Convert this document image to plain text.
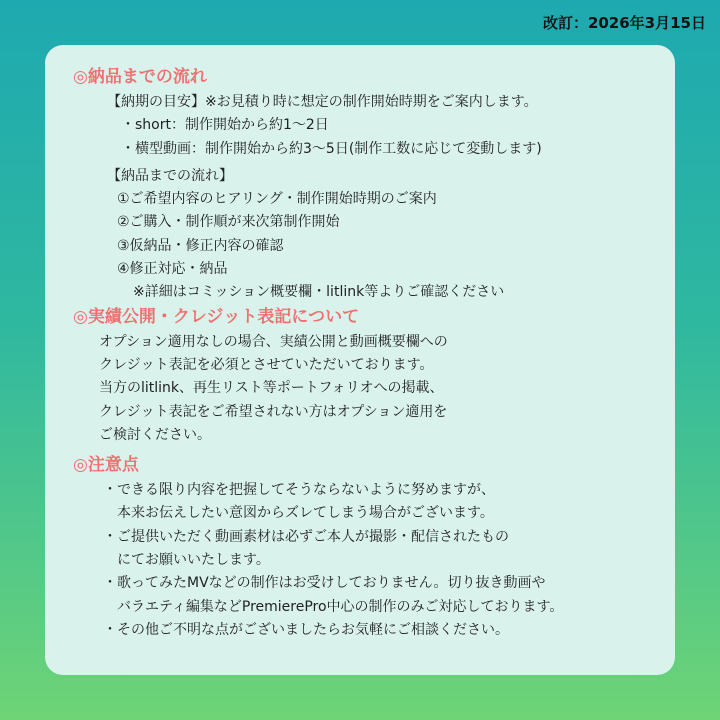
改訂：2026年3月15日
◎納品までの流れ
【納期の目安】※お見積り時に想定の制作開始時期をご案内します。
・short：制作開始から約1〜2日
・横型動画：制作開始から約3〜5日(制作工数に応じて変動します)
【納品までの流れ】
①ご希望内容のヒアリング・制作開始時期のご案内
②ご購入・制作順が来次第制作開始
③仮納品・修正内容の確認
④修正対応・納品
※詳細はコミッション概要欄・litlink等よりご確認ください
◎実績公開・クレジット表記について
オプション適用なしの場合、実績公開と動画概要欄への
クレジット表記を必須とさせていただいております。
当方のlitlink、再生リスト等ポートフォリオへの掲載、
クレジット表記をご希望されない方はオプション適用を
ご検討ください。
◎注意点
・できる限り内容を把握してそうならないように努めますが、
本来お伝えしたい意図からズレてしまう場合がございます。
・ご提供いただく動画素材は必ずご本人が撮影・配信されたもの
にてお願いいたします。
・歌ってみたMVなどの制作はお受けしておりません。切り抜き動画や
バラエティ編集などPremierePro中心の制作のみご対応しております。
・その他ご不明な点がございましたらお気軽にご相談ください。
